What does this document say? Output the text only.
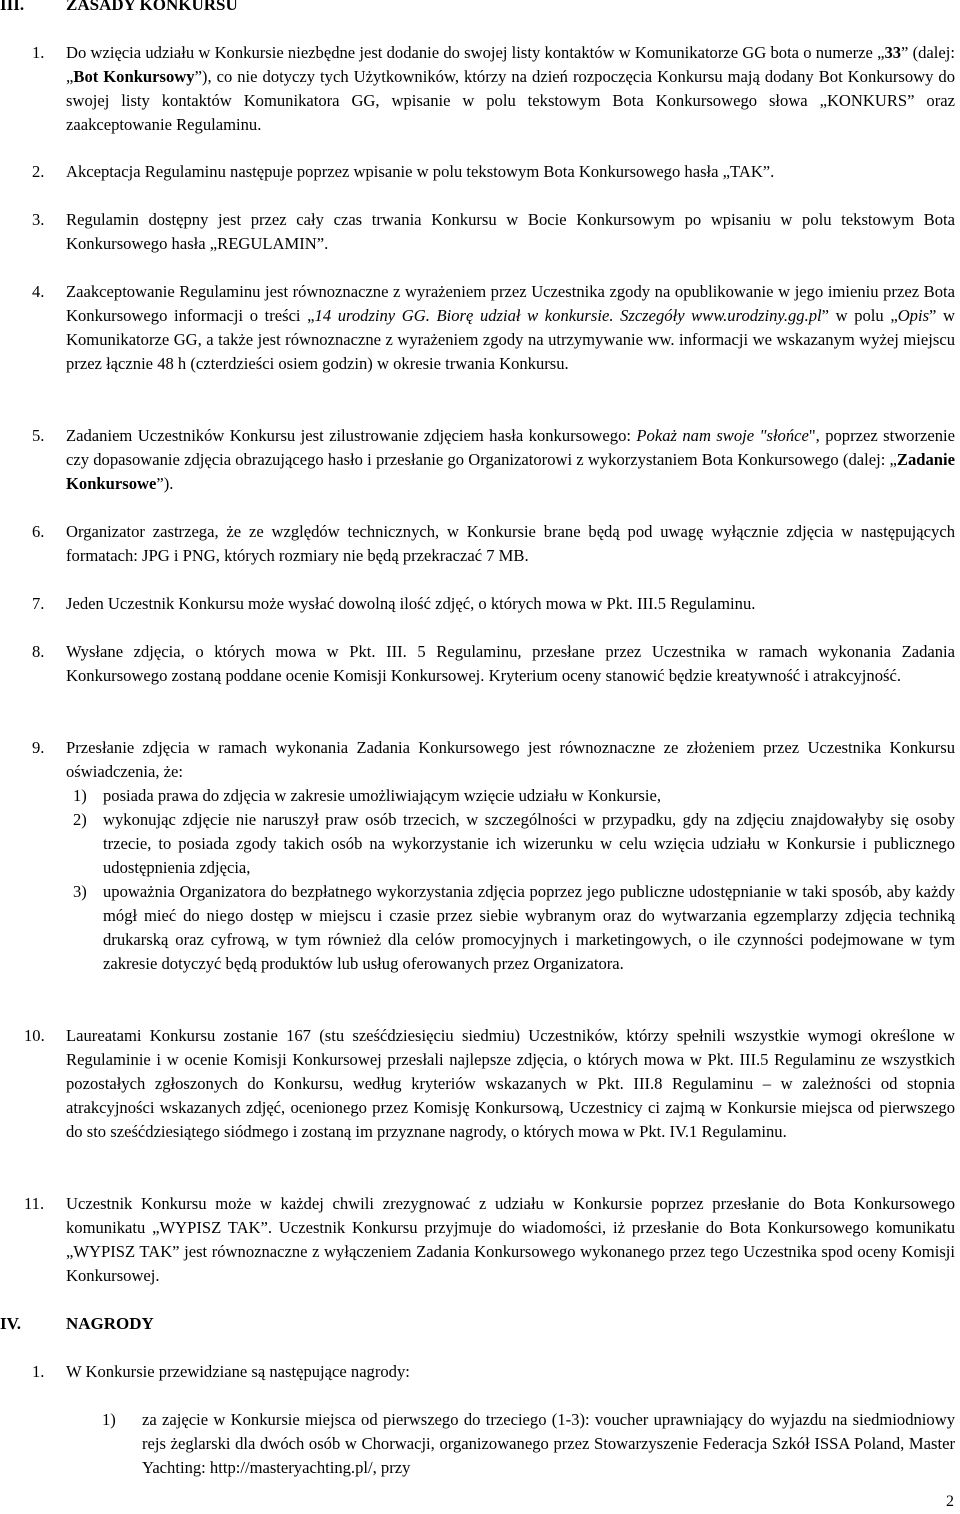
III. ZASADY KONKURSU
1. Do wzięcia udziału w Konkursie niezbędne jest dodanie do swojej listy kontaktów w Komunikatorze GG bota o numerze „33” (dalej: „Bot Konkursowy”), co nie dotyczy tych Użytkowników, którzy na dzień rozpoczęcia Konkursu mają dodany Bot Konkursowy do swojej listy kontaktów Komunikatora GG, wpisanie w polu tekstowym Bota Konkursowego słowa „KONKURS” oraz zaakceptowanie Regulaminu.
2. Akceptacja Regulaminu następuje poprzez wpisanie w polu tekstowym Bota Konkursowego hasła „TAK”.
3. Regulamin dostępny jest przez cały czas trwania Konkursu w Bocie Konkursowym po wpisaniu w polu tekstowym Bota Konkursowego hasła „REGULAMIN”.
4. Zaakceptowanie Regulaminu jest równoznaczne z wyrażeniem przez Uczestnika zgody na opublikowanie w jego imieniu przez Bota Konkursowego informacji o treści „14 urodziny GG. Biorę udział w konkursie. Szczegóły www.urodziny.gg.pl” w polu „Opis” w Komunikatorze GG, a także jest równoznaczne z wyrażeniem zgody na utrzymywanie ww. informacji we wskazanym wyżej miejscu przez łącznie 48 h (czterdzieści osiem godzin) w okresie trwania Konkursu.
5. Zadaniem Uczestników Konkursu jest zilustrowanie zdjęciem hasła konkursowego: Pokaż nam swoje "słońce", poprzez stworzenie czy dopasowanie zdjęcia obrazującego hasło i przesłanie go Organizatorowi z wykorzystaniem Bota Konkursowego (dalej: „Zadanie Konkursowe”).
6. Organizator zastrzega, że ze względów technicznych, w Konkursie brane będą pod uwagę wyłącznie zdjęcia w następujących formatach: JPG i PNG, których rozmiary nie będą przekraczać 7 MB.
7. Jeden Uczestnik Konkursu może wysłać dowolną ilość zdjęć, o których mowa w Pkt. III.5 Regulaminu.
8. Wysłane zdjęcia, o których mowa w Pkt. III. 5 Regulaminu, przesłane przez Uczestnika w ramach wykonania Zadania Konkursowego zostaną poddane ocenie Komisji Konkursowej. Kryterium oceny stanowić będzie kreatywność i atrakcyjność.
9. Przesłanie zdjęcia w ramach wykonania Zadania Konkursowego jest równoznaczne ze złożeniem przez Uczestnika Konkursu oświadczenia, że:
1) posiada prawa do zdjęcia w zakresie umożliwiającym wzięcie udziału w Konkursie,
2) wykonując zdjęcie nie naruszył praw osób trzecich, w szczególności w przypadku, gdy na zdjęciu znajdowałyby się osoby trzecie, to posiada zgody takich osób na wykorzystanie ich wizerunku w celu wzięcia udziału w Konkursie i publicznego udostępnienia zdjęcia,
3) upoważnia Organizatora do bezpłatnego wykorzystania zdjęcia poprzez jego publiczne udostępnianie w taki sposób, aby każdy mógł mieć do niego dostęp w miejscu i czasie przez siebie wybranym oraz do wytwarzania egzemplarzy zdjęcia techniką drukarską oraz cyfrową, w tym również dla celów promocyjnych i marketingowych, o ile czynności podejmowane w tym zakresie dotyczyć będą produktów lub usług oferowanych przez Organizatora.
10. Laureatami Konkursu zostanie 167 (stu sześćdziesięciu siedmiu) Uczestników, którzy spełnili wszystkie wymogi określone w Regulaminie i w ocenie Komisji Konkursowej przesłali najlepsze zdjęcia, o których mowa w Pkt. III.5 Regulaminu ze wszystkich pozostałych zgłoszonych do Konkursu, według kryteriów wskazanych w Pkt. III.8 Regulaminu – w zależności od stopnia atrakcyjności wskazanych zdjęć, ocenionego przez Komisję Konkursową, Uczestnicy ci zajmą w Konkursie miejsca od pierwszego do sto sześćdziesiątego siódmego i zostaną im przyznane nagrody, o których mowa w Pkt. IV.1 Regulaminu.
11. Uczestnik Konkursu może w każdej chwili zrezygnować z udziału w Konkursie poprzez przesłanie do Bota Konkursowego komunikatu „WYPISZ TAK”. Uczestnik Konkursu przyjmuje do wiadomości, iż przesłanie do Bota Konkursowego komunikatu „WYPISZ TAK” jest równoznaczne z wyłączeniem Zadania Konkursowego wykonanego przez tego Uczestnika spod oceny Komisji Konkursowej.
IV.	NAGRODY
1. W Konkursie przewidziane są następujące nagrody:
1) za zajęcie w Konkursie miejsca od pierwszego do trzeciego (1-3): voucher uprawniający do wyjazdu na siedmiodniowy rejs żeglarski dla dwóch osób w Chorwacji, organizowanego przez Stowarzyszenie Federacja Szkół ISSA Poland, Master Yachting: http://masteryachting.pl/, przy
2
